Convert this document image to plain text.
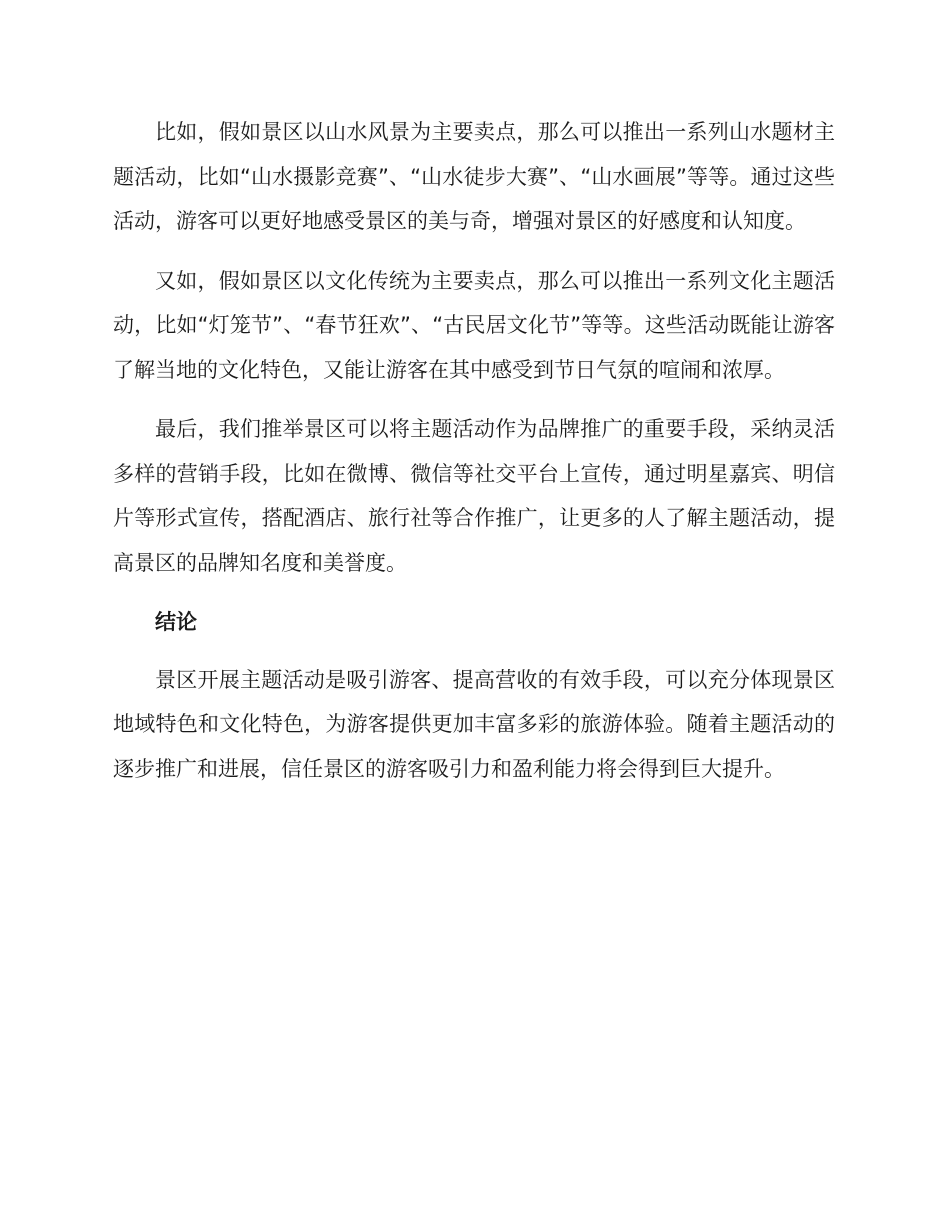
比如，假如景区以山水风景为主要卖点，那么可以推出一系列山水题材主题活动，比如“山水摄影竞赛”、“山水徒步大赛”、“山水画展”等等。通过这些活动，游客可以更好地感受景区的美与奇，增强对景区的好感度和认知度。

又如，假如景区以文化传统为主要卖点，那么可以推出一系列文化主题活动，比如“灯笼节”、“春节狂欢”、“古民居文化节”等等。这些活动既能让游客了解当地的文化特色，又能让游客在其中感受到节日气氛的喧闹和浓厚。

最后，我们推举景区可以将主题活动作为品牌推广的重要手段，采纳灵活多样的营销手段，比如在微博、微信等社交平台上宣传，通过明星嘉宾、明信片等形式宣传，搭配酒店、旅行社等合作推广，让更多的人了解主题活动，提高景区的品牌知名度和美誉度。

结论

景区开展主题活动是吸引游客、提高营收的有效手段，可以充分体现景区地域特色和文化特色，为游客提供更加丰富多彩的旅游体验。随着主题活动的逐步推广和进展，信任景区的游客吸引力和盈利能力将会得到巨大提升。
